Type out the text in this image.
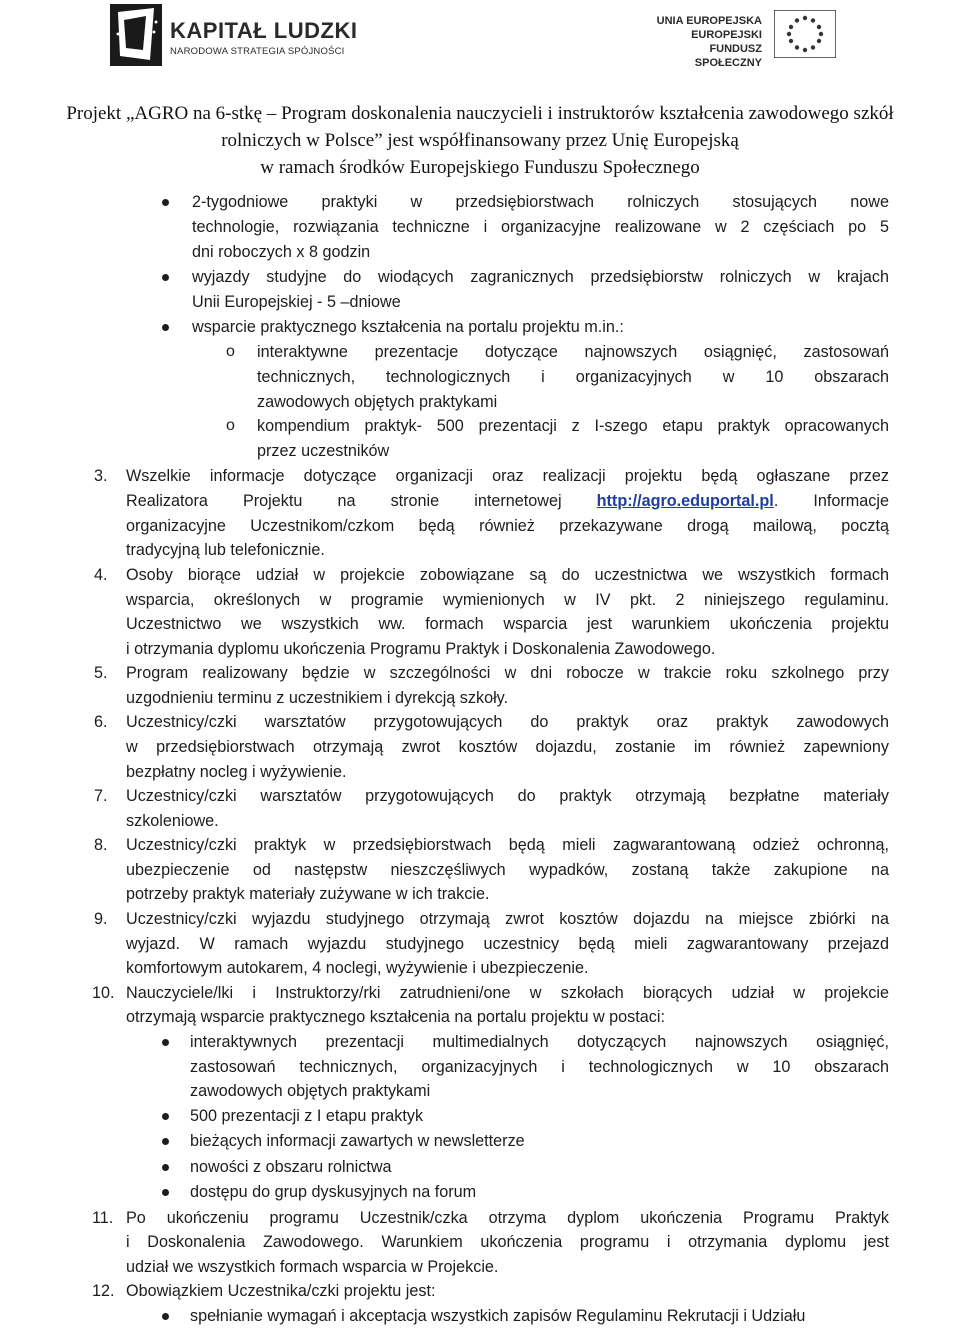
KAPITAŁ LUDZKI
NARODOWA STRATEGIA SPÓJNOŚCI
UNIA EUROPEJSKA
EUROPEJSKI
FUNDUSZ SPOŁECZNY
Projekt „AGRO na 6-stkę – Program doskonalenia nauczycieli i instruktorów kształcenia zawodowego szkół
rolniczych w Polsce” jest współfinansowany przez Unię Europejską
w ramach środków Europejskiego Funduszu Społecznego
2-tygodniowe praktyki w przedsiębiorstwach rolniczych stosujących nowe
technologie, rozwiązania techniczne i organizacyjne realizowane w 2 częściach po 5
dni roboczych x 8 godzin
wyjazdy studyjne do wiodących zagranicznych przedsiębiorstw rolniczych w krajach
Unii Europejskiej - 5 –dniowe
wsparcie praktycznego kształcenia na portalu projektu m.in.:
o interaktywne prezentacje dotyczące najnowszych osiągnięć, zastosowań
technicznych, technologicznych i organizacyjnych w 10 obszarach
zawodowych objętych praktykami
o kompendium praktyk- 500 prezentacji z I-szego etapu praktyk opracowanych
przez uczestników
3. Wszelkie informacje dotyczące organizacji oraz realizacji projektu będą ogłaszane przez
Realizatora Projektu na stronie internetowej http://agro.eduportal.pl. Informacje
organizacyjne Uczestnikom/czkom będą również przekazywane drogą mailową, pocztą
tradycyjną lub telefonicznie.
4. Osoby biorące udział w projekcie zobowiązane są do uczestnictwa we wszystkich formach
wsparcia, określonych w programie wymienionych w IV pkt. 2 niniejszego regulaminu.
Uczestnictwo we wszystkich ww. formach wsparcia jest warunkiem ukończenia projektu
i otrzymania dyplomu ukończenia Programu Praktyk i Doskonalenia Zawodowego.
5. Program realizowany będzie w szczególności w dni robocze w trakcie roku szkolnego przy
uzgodnieniu terminu z uczestnikiem i dyrekcją szkoły.
6. Uczestnicy/czki warsztatów przygotowujących do praktyk oraz praktyk zawodowych
w przedsiębiorstwach otrzymają zwrot kosztów dojazdu, zostanie im również zapewniony
bezpłatny nocleg i wyżywienie.
7. Uczestnicy/czki warsztatów przygotowujących do praktyk otrzymają bezpłatne materiały
szkoleniowe.
8. Uczestnicy/czki praktyk w przedsiębiorstwach będą mieli zagwarantowaną odzież ochronną,
ubezpieczenie od następstw nieszczęśliwych wypadków, zostaną także zakupione na
potrzeby praktyk materiały zużywane w ich trakcie.
9. Uczestnicy/czki wyjazdu studyjnego otrzymają zwrot kosztów dojazdu na miejsce zbiórki na
wyjazd. W ramach wyjazdu studyjnego uczestnicy będą mieli zagwarantowany przejazd
komfortowym autokarem, 4 noclegi, wyżywienie i ubezpieczenie.
10. Nauczyciele/lki i Instruktorzy/rki zatrudnieni/one w szkołach biorących udział w projekcie
otrzymają wsparcie praktycznego kształcenia na portalu projektu w postaci:
interaktywnych prezentacji multimedialnych dotyczących najnowszych osiągnięć,
zastosowań technicznych, organizacyjnych i technologicznych w 10 obszarach
zawodowych objętych praktykami
500 prezentacji z I etapu praktyk
bieżących informacji zawartych w newsletterze
nowości z obszaru rolnictwa
dostępu do grup dyskusyjnych na forum
11. Po ukończeniu programu Uczestnik/czka otrzyma dyplom ukończenia Programu Praktyk
i Doskonalenia Zawodowego. Warunkiem ukończenia programu i otrzymania dyplomu jest
udział we wszystkich formach wsparcia w Projekcie.
12. Obowiązkiem Uczestnika/czki projektu jest:
spełnianie wymagań i akceptacja wszystkich zapisów Regulaminu Rekrutacji i Udziału
